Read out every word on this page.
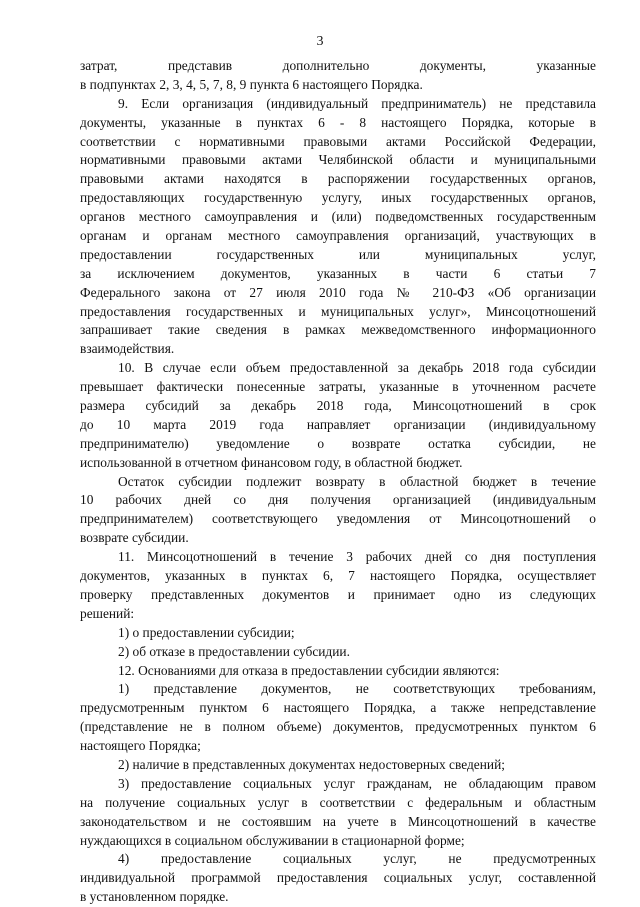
3
затрат, представив дополнительно документы, указанные
в подпунктах 2, 3, 4, 5, 7, 8, 9 пункта 6 настоящего Порядка.
9. Если организация (индивидуальный предприниматель) не представила
документы, указанные в пунктах 6 - 8 настоящего Порядка, которые в
соответствии с нормативными правовыми актами Российской Федерации,
нормативными правовыми актами Челябинской области и муниципальными
правовыми актами находятся в распоряжении государственных органов,
предоставляющих государственную услугу, иных государственных органов,
органов местного самоуправления и (или) подведомственных государственным
органам и органам местного самоуправления организаций, участвующих в
предоставлении государственных или муниципальных услуг,
за исключением документов, указанных в части 6 статьи 7
Федерального закона от 27 июля 2010 года № 210-ФЗ «Об организации
предоставления государственных и муниципальных услуг», Минсоцотношений
запрашивает такие сведения в рамках межведомственного информационного
взаимодействия.
10. В случае если объем предоставленной за декабрь 2018 года субсидии
превышает фактически понесенные затраты, указанные в уточненном расчете
размера субсидий за декабрь 2018 года, Минсоцотношений в срок
до 10 марта 2019 года направляет организации (индивидуальному
предпринимателю) уведомление о возврате остатка субсидии, не
использованной в отчетном финансовом году, в областной бюджет.
Остаток субсидии подлежит возврату в областной бюджет в течение
10 рабочих дней со дня получения организацией (индивидуальным
предпринимателем) соответствующего уведомления от Минсоцотношений о
возврате субсидии.
11. Минсоцотношений в течение 3 рабочих дней со дня поступления
документов, указанных в пунктах 6, 7 настоящего Порядка, осуществляет
проверку представленных документов и принимает одно из следующих
решений:
1) о предоставлении субсидии;
2) об отказе в предоставлении субсидии.
12. Основаниями для отказа в предоставлении субсидии являются:
1) представление документов, не соответствующих требованиям,
предусмотренным пунктом 6 настоящего Порядка, а также непредставление
(представление не в полном объеме) документов, предусмотренных пунктом 6
настоящего Порядка;
2) наличие в представленных документах недостоверных сведений;
3) предоставление социальных услуг гражданам, не обладающим правом
на получение социальных услуг в соответствии с федеральным и областным
законодательством и не состоявшим на учете в Минсоцотношений в качестве
нуждающихся в социальном обслуживании в стационарной форме;
4) предоставление социальных услуг, не предусмотренных
индивидуальной программой предоставления социальных услуг, составленной
в установленном порядке.
